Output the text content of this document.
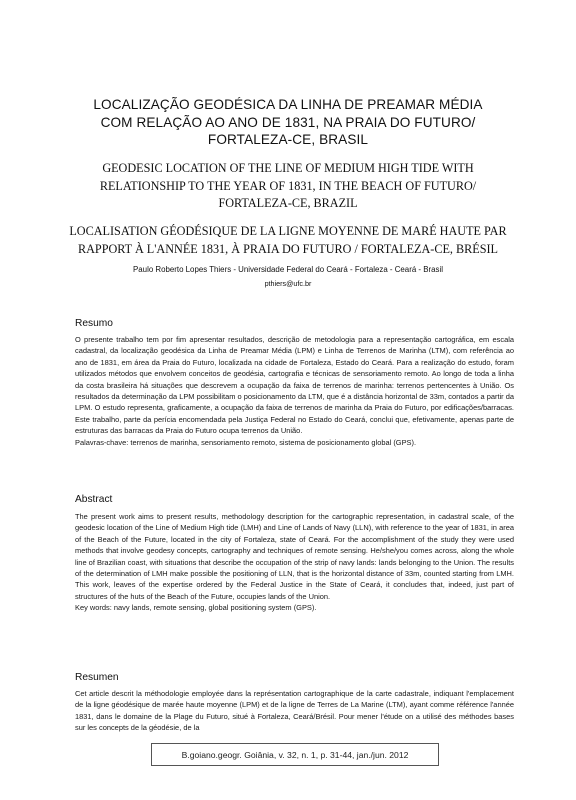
LOCALIZAÇÃO GEODÉSICA DA LINHA DE PREAMAR MÉDIA
COM RELAÇÃO AO ANO DE 1831, NA PRAIA DO FUTURO/
FORTALEZA-CE, BRASIL
GEODESIC LOCATION OF THE LINE OF MEDIUM HIGH TIDE WITH
RELATIONSHIP TO THE YEAR OF 1831, IN THE BEACH OF FUTURO/
FORTALEZA-CE, BRAZIL
LOCALISATION GÉODÉSIQUE DE LA LIGNE MOYENNE DE MARÉ HAUTE PAR
RAPPORT À L'ANNÉE 1831, À PRAIA DO FUTURO / FORTALEZA-CE, BRÉSIL
Paulo Roberto Lopes Thiers - Universidade Federal do Ceará - Fortaleza - Ceará - Brasil
pthiers@ufc.br
Resumo

O presente trabalho tem por fim apresentar resultados, descrição de metodologia para a representação cartográfica, em escala cadastral, da localização geodésica da Linha de Preamar Média (LPM) e Linha de Terrenos de Marinha (LTM), com referência ao ano de 1831, em área da Praia do Futuro, localizada na cidade de Fortaleza, Estado do Ceará. Para a realização do estudo, foram utilizados métodos que envolvem conceitos de geodésia, cartografia e técnicas de sensoriamento remoto. Ao longo de toda a linha da costa brasileira há situações que descrevem a ocupação da faixa de terrenos de marinha: terrenos pertencentes à União. Os resultados da determinação da LPM possibilitam o posicionamento da LTM, que é a distância horizontal de 33m, contados a partir da LPM. O estudo representa, graficamente, a ocupação da faixa de terrenos de marinha da Praia do Futuro, por edificações/barracas. Este trabalho, parte da perícia encomendada pela Justiça Federal no Estado do Ceará, conclui que, efetivamente, apenas parte de estruturas das barracas da Praia do Futuro ocupa terrenos da União.

Palavras-chave: terrenos de marinha, sensoriamento remoto, sistema de posicionamento global (GPS).

Abstract

The present work aims to present results, methodology description for the cartographic representation, in cadastral scale, of the geodesic location of the Line of Medium High tide (LMH) and Line of Lands of Navy (LLN), with reference to the year of 1831, in area of the Beach of the Future, located in the city of Fortaleza, state of Ceará. For the accomplishment of the study they were used methods that involve geodesy concepts, cartography and techniques of remote sensing. He/she/you comes across, along the whole line of Brazilian coast, with situations that describe the occupation of the strip of navy lands: lands belonging to the Union. The results of the determination of LMH make possible the positioning of LLN, that is the horizontal distance of 33m, counted starting from LMH. This work, leaves of the expertise ordered by the Federal Justice in the State of Ceará, it concludes that, indeed, just part of structures of the huts of the Beach of the Future, occupies lands of the Union.

Key words: navy lands, remote sensing, global positioning system (GPS).

Resumen

Cet article descrit la méthodologie employée dans la représentation cartographique de la carte cadastrale, indiquant l'emplacement de la ligne géodésique de marée haute moyenne (LPM) et de la ligne de Terres de La Marine (LTM), ayant comme référence l'année 1831, dans le domaine de la Plage du Futuro, situé à Fortaleza, Ceará/Brésil. Pour mener l'étude on a utilisé des méthodes bases sur les concepts de la géodésie, de la

B.goiano.geogr. Goiânia, v. 32, n. 1, p. 31-44, jan./jun. 2012
